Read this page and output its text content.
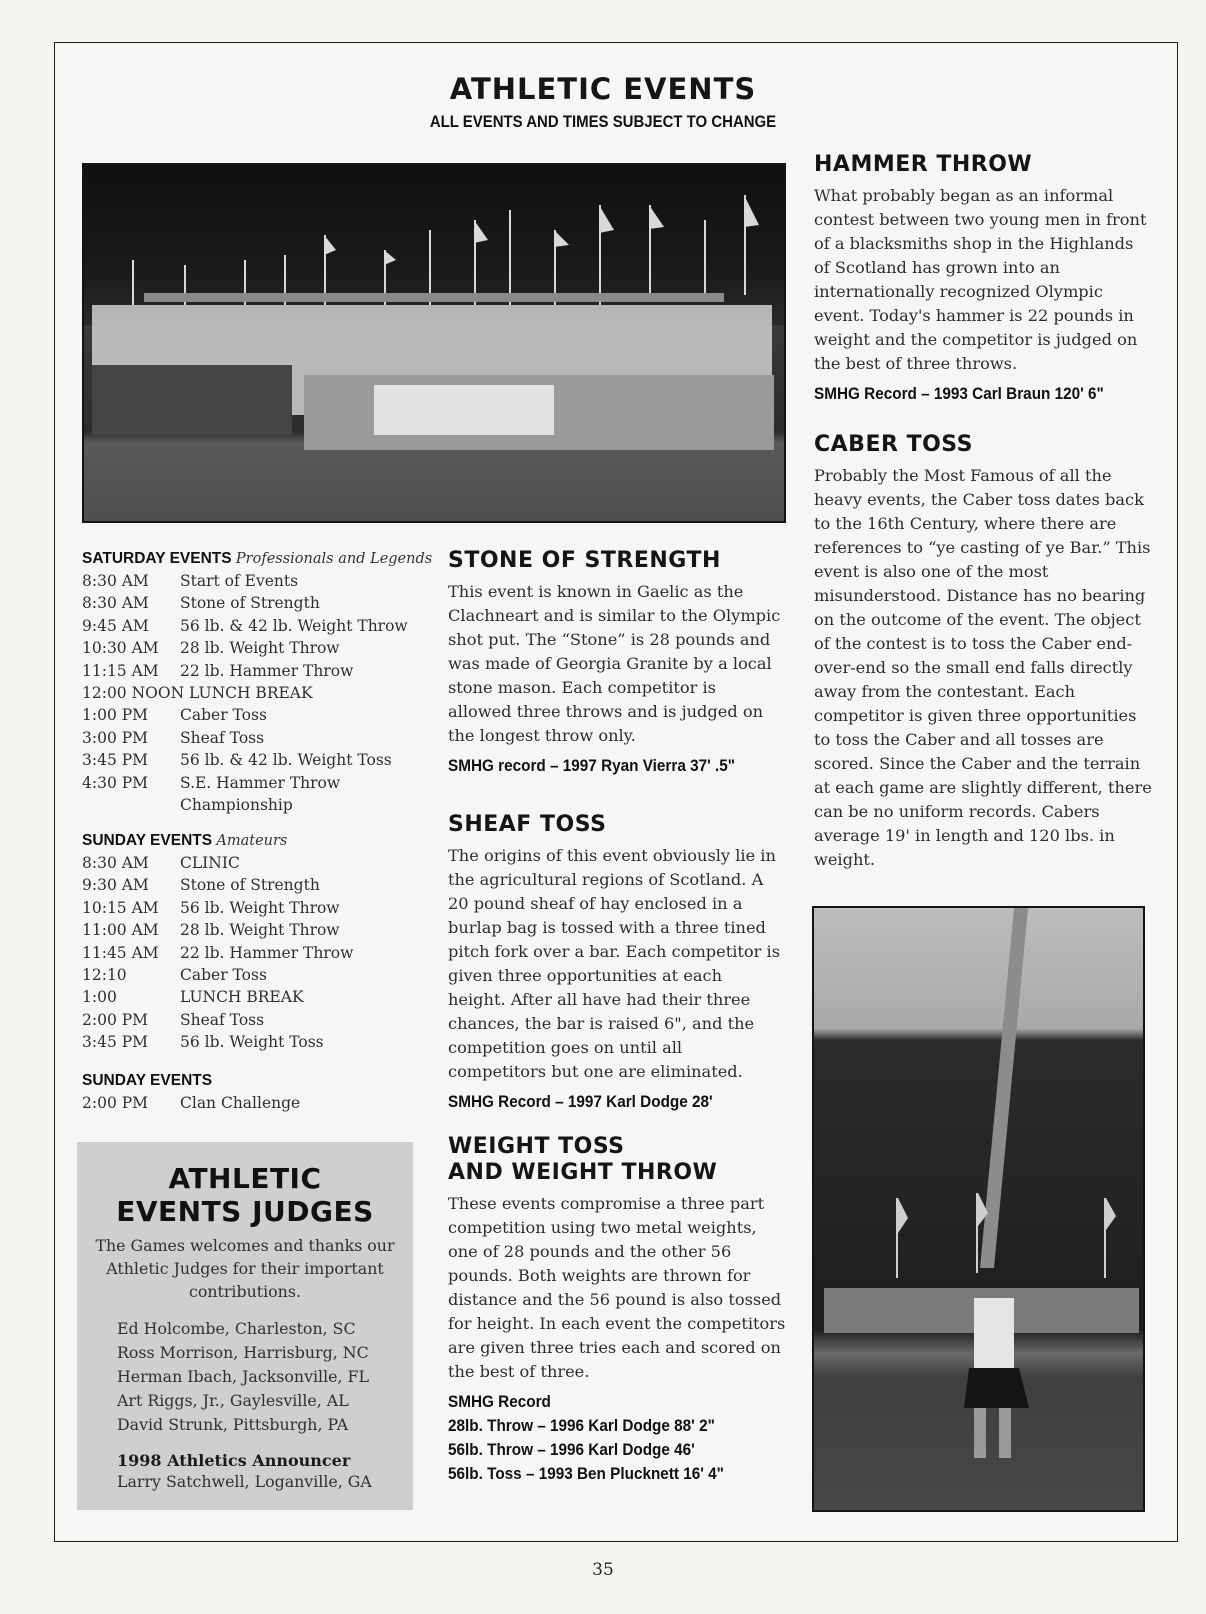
ATHLETIC EVENTS
ALL EVENTS AND TIMES SUBJECT TO CHANGE
SATURDAY EVENTS Professionals and Legends
8:30 AM	Start of Events
8:30 AM	Stone of Strength
9:45 AM	56 lb. & 42 lb. Weight Throw
10:30 AM	28 lb. Weight Throw
11:15 AM	22 lb. Hammer Throw
12:00 NOON LUNCH BREAK
1:00 PM	Caber Toss
3:00 PM	Sheaf Toss
3:45 PM	56 lb. & 42 lb. Weight Toss
4:30 PM	S.E. Hammer Throw
Championship
SUNDAY EVENTS Amateurs
8:30 AM	CLINIC
9:30 AM	Stone of Strength
10:15 AM	56 lb. Weight Throw
11:00 AM	28 lb. Weight Throw
11:45 AM	22 lb. Hammer Throw
12:10	Caber Toss
1:00	LUNCH BREAK
2:00 PM	Sheaf Toss
3:45 PM	56 lb. Weight Toss
SUNDAY EVENTS
2:00 PM	Clan Challenge
ATHLETIC
EVENTS JUDGES
The Games welcomes and thanks our Athletic Judges for their important contributions.
Ed Holcombe, Charleston, SC
Ross Morrison, Harrisburg, NC
Herman Ibach, Jacksonville, FL
Art Riggs, Jr., Gaylesville, AL
David Strunk, Pittsburgh, PA
1998 Athletics Announcer
Larry Satchwell, Loganville, GA
STONE OF STRENGTH

This event is known in Gaelic as the Clachneart and is similar to the Olympic shot put. The “Stone” is 28 pounds and was made of Georgia Granite by a local stone mason. Each competitor is allowed three throws and is judged on the longest throw only.

SMHG record – 1997 Ryan Vierra 37' .5"
SHEAF TOSS

The origins of this event obviously lie in the agricultural regions of Scotland. A 20 pound sheaf of hay enclosed in a burlap bag is tossed with a three tined pitch fork over a bar. Each competitor is given three opportunities at each height. After all have had their three chances, the bar is raised 6", and the competition goes on until all competitors but one are eliminated.

SMHG Record – 1997 Karl Dodge 28'
WEIGHT TOSS
AND WEIGHT THROW

These events compromise a three part competition using two metal weights, one of 28 pounds and the other 56 pounds. Both weights are thrown for distance and the 56 pound is also tossed for height. In each event the competitors are given three tries each and scored on the best of three.

SMHG Record
28lb. Throw – 1996 Karl Dodge 88' 2"
56lb. Throw – 1996 Karl Dodge 46'
56lb. Toss – 1993 Ben Plucknett 16' 4"
HAMMER THROW

What probably began as an informal contest between two young men in front of a blacksmiths shop in the Highlands of Scotland has grown into an internationally recognized Olympic event. Today's hammer is 22 pounds in weight and the competitor is judged on the best of three throws.

SMHG Record – 1993 Carl Braun 120' 6"
CABER TOSS

Probably the Most Famous of all the heavy events, the Caber toss dates back to the 16th Century, where there are references to “ye casting of ye Bar.” This event is also one of the most misunderstood. Distance has no bearing on the outcome of the event. The object of the contest is to toss the Caber end-over-end so the small end falls directly away from the contestant. Each competitor is given three opportunities to toss the Caber and all tosses are scored. Since the Caber and the terrain at each game are slightly different, there can be no uniform records. Cabers average 19' in length and 120 lbs. in weight.

35
